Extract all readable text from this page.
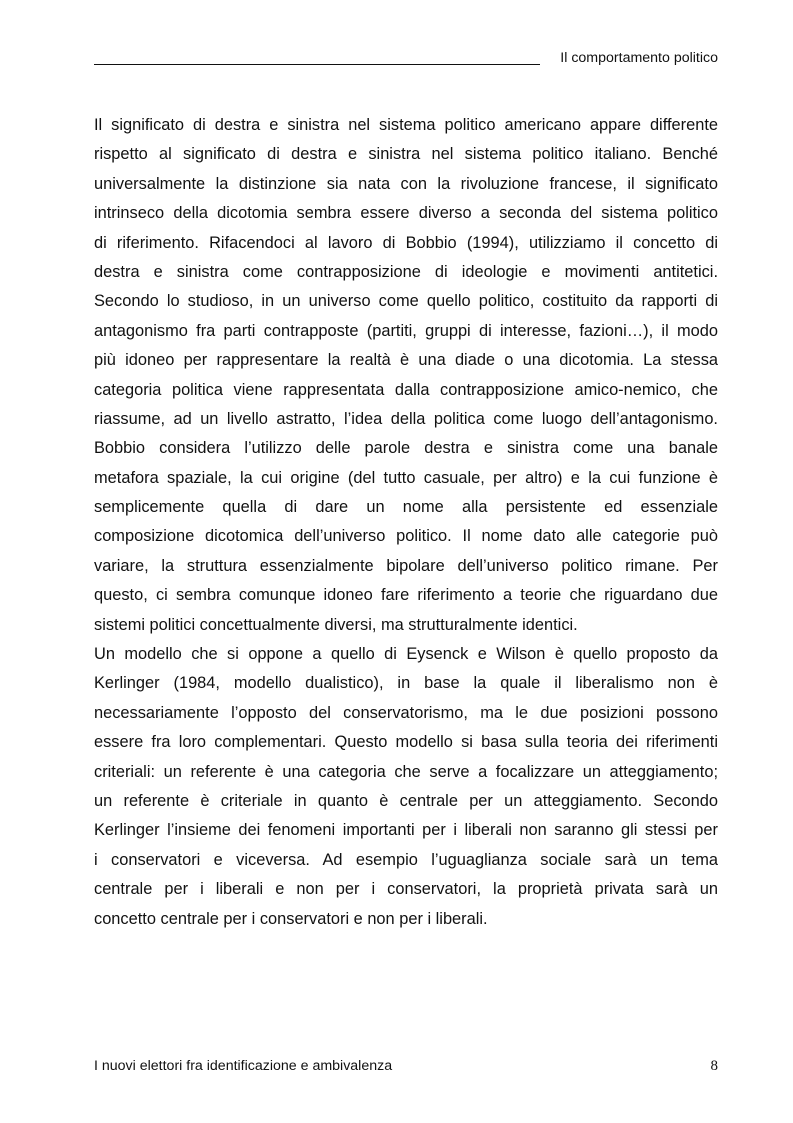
Il comportamento politico
Il significato di destra e sinistra nel sistema politico americano appare differente
rispetto al significato di destra e sinistra nel sistema politico italiano. Benché
universalmente la distinzione sia nata con la rivoluzione francese, il significato
intrinseco della dicotomia sembra essere diverso a seconda del sistema politico
di riferimento. Rifacendoci al lavoro di Bobbio (1994), utilizziamo il concetto di
destra e sinistra come contrapposizione di ideologie e movimenti antitetici.
Secondo lo studioso, in un universo come quello politico, costituito da rapporti di
antagonismo fra parti contrapposte (partiti, gruppi di interesse, fazioni…), il modo
più idoneo per rappresentare la realtà è una diade o una dicotomia. La stessa
categoria politica viene rappresentata dalla contrapposizione amico-nemico, che
riassume, ad un livello astratto, l’idea della politica come luogo dell’antagonismo.
Bobbio considera l’utilizzo delle parole destra e sinistra come una banale
metafora spaziale, la cui origine (del tutto casuale, per altro) e la cui funzione è
semplicemente quella di dare un nome alla persistente ed essenziale
composizione dicotomica dell’universo politico. Il nome dato alle categorie può
variare, la struttura essenzialmente bipolare dell’universo politico rimane. Per
questo, ci sembra comunque idoneo fare riferimento a teorie che riguardano due
sistemi politici concettualmente diversi, ma strutturalmente identici.
Un modello che si oppone a quello di Eysenck e Wilson è quello proposto da
Kerlinger (1984, modello dualistico), in base la quale il liberalismo non è
necessariamente l’opposto del conservatorismo, ma le due posizioni possono
essere fra loro complementari. Questo modello si basa sulla teoria dei riferimenti
criteriali: un referente è una categoria che serve a focalizzare un atteggiamento;
un referente è criteriale in quanto è centrale per un atteggiamento. Secondo
Kerlinger l’insieme dei fenomeni importanti per i liberali non saranno gli stessi per
i conservatori e viceversa. Ad esempio l’uguaglianza sociale sarà un tema
centrale per i liberali e non per i conservatori, la proprietà privata sarà un
concetto centrale per i conservatori e non per i liberali.
I nuovi elettori fra identificazione e ambivalenza	8
